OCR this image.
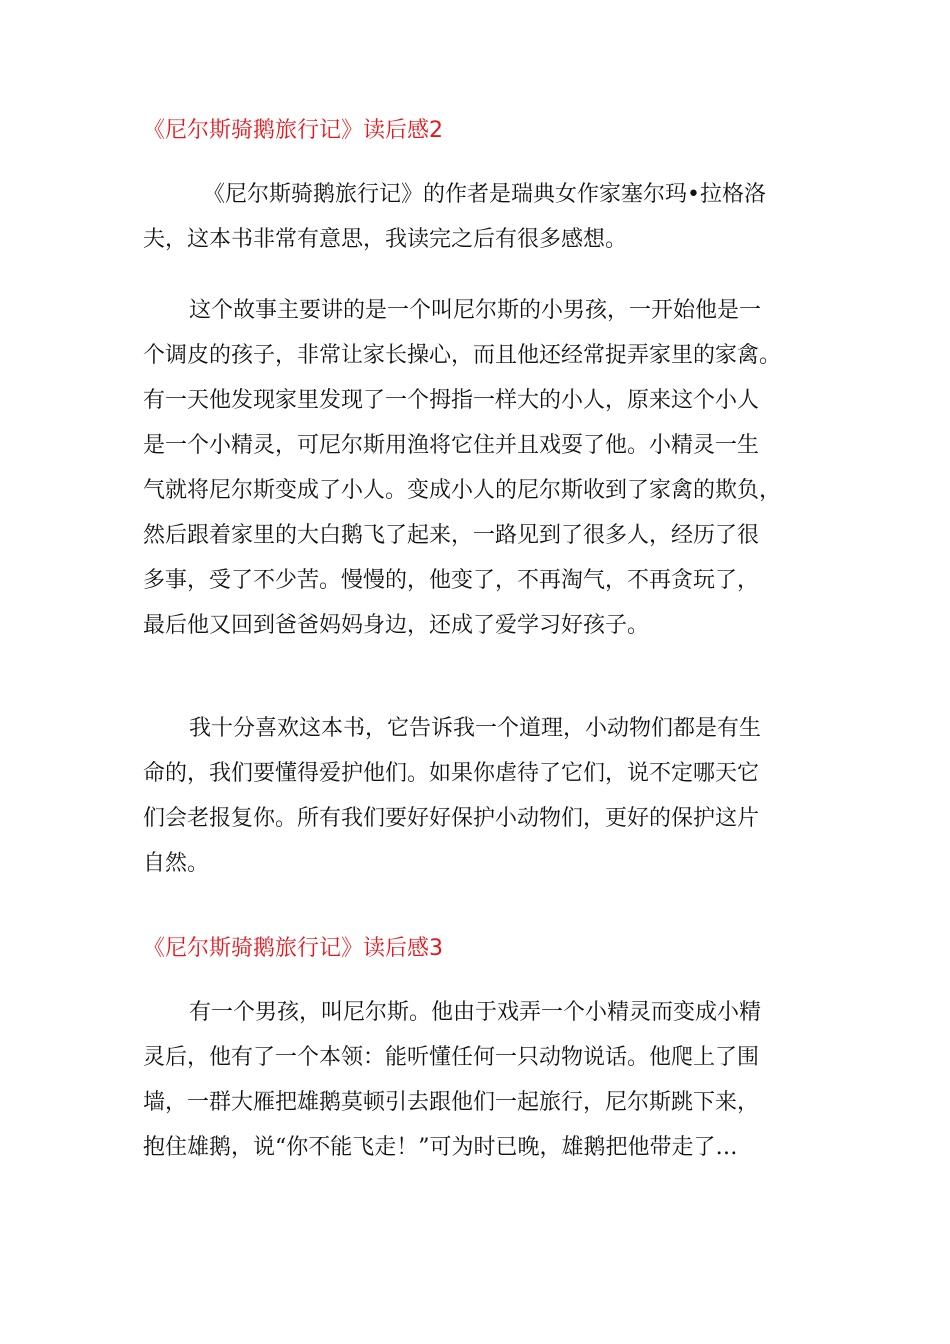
《尼尔斯骑鹅旅行记》读后感2
《尼尔斯骑鹅旅行记》的作者是瑞典女作家塞尔玛•拉格洛
夫，这本书非常有意思，我读完之后有很多感想。
这个故事主要讲的是一个叫尼尔斯的小男孩，一开始他是一
个调皮的孩子，非常让家长操心，而且他还经常捉弄家里的家禽。
有一天他发现家里发现了一个拇指一样大的小人，原来这个小人
是一个小精灵，可尼尔斯用渔将它住并且戏耍了他。小精灵一生
气就将尼尔斯变成了小人。变成小人的尼尔斯收到了家禽的欺负，
然后跟着家里的大白鹅飞了起来，一路见到了很多人，经历了很
多事，受了不少苦。慢慢的，他变了，不再淘气，不再贪玩了，
最后他又回到爸爸妈妈身边，还成了爱学习好孩子。
我十分喜欢这本书，它告诉我一个道理，小动物们都是有生
命的，我们要懂得爱护他们。如果你虐待了它们，说不定哪天它
们会老报复你。所有我们要好好保护小动物们，更好的保护这片
自然。
《尼尔斯骑鹅旅行记》读后感3
有一个男孩，叫尼尔斯。他由于戏弄一个小精灵而变成小精
灵后，他有了一个本领：能听懂任何一只动物说话。他爬上了围
墙，一群大雁把雄鹅莫顿引去跟他们一起旅行，尼尔斯跳下来，
抱住雄鹅，说“你不能飞走！”可为时已晚，雄鹅把他带走了…
